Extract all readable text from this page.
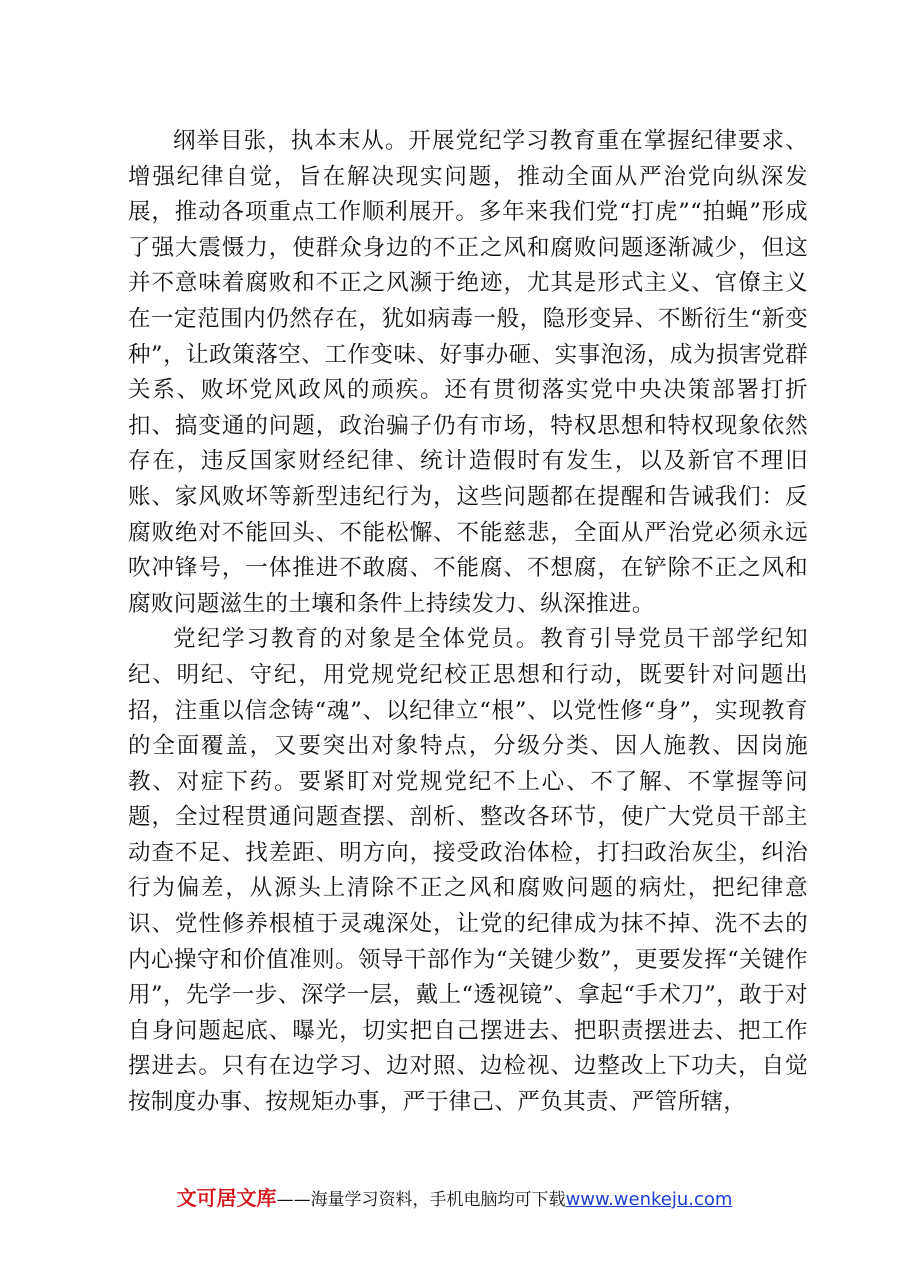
纲举目张，执本末从。开展党纪学习教育重在掌握纪律要求、增强纪律自觉，旨在解决现实问题，推动全面从严治党向纵深发展，推动各项重点工作顺利展开。多年来我们党“打虎”“拍蝇”形成了强大震慑力，使群众身边的不正之风和腐败问题逐渐减少，但这并不意味着腐败和不正之风濒于绝迹，尤其是形式主义、官僚主义在一定范围内仍然存在，犹如病毒一般，隐形变异、不断衍生“新变种”，让政策落空、工作变味、好事办砸、实事泡汤，成为损害党群关系、败坏党风政风的顽疾。还有贯彻落实党中央决策部署打折扣、搞变通的问题，政治骗子仍有市场，特权思想和特权现象依然存在，违反国家财经纪律、统计造假时有发生，以及新官不理旧账、家风败坏等新型违纪行为，这些问题都在提醒和告诫我们：反腐败绝对不能回头、不能松懈、不能慈悲，全面从严治党必须永远吹冲锋号，一体推进不敢腐、不能腐、不想腐，在铲除不正之风和腐败问题滋生的土壤和条件上持续发力、纵深推进。

党纪学习教育的对象是全体党员。教育引导党员干部学纪知纪、明纪、守纪，用党规党纪校正思想和行动，既要针对问题出招，注重以信念铸“魂”、以纪律立“根”、以党性修“身”，实现教育的全面覆盖，又要突出对象特点，分级分类、因人施教、因岗施教、对症下药。要紧盯对党规党纪不上心、不了解、不掌握等问题，全过程贯通问题查摆、剖析、整改各环节，使广大党员干部主动查不足、找差距、明方向，接受政治体检，打扫政治灰尘，纠治行为偏差，从源头上清除不正之风和腐败问题的病灶，把纪律意识、党性修养根植于灵魂深处，让党的纪律成为抹不掉、洗不去的内心操守和价值准则。领导干部作为“关键少数”，更要发挥“关键作用”，先学一步、深学一层，戴上“透视镜”、拿起“手术刀”，敢于对自身问题起底、曝光，切实把自己摆进去、把职责摆进去、把工作摆进去。只有在边学习、边对照、边检视、边整改上下功夫，自觉按制度办事、按规矩办事，严于律己、严负其责、严管所辖，

文可居文库——海量学习资料，手机电脑均可下载www.wenkeju.com
